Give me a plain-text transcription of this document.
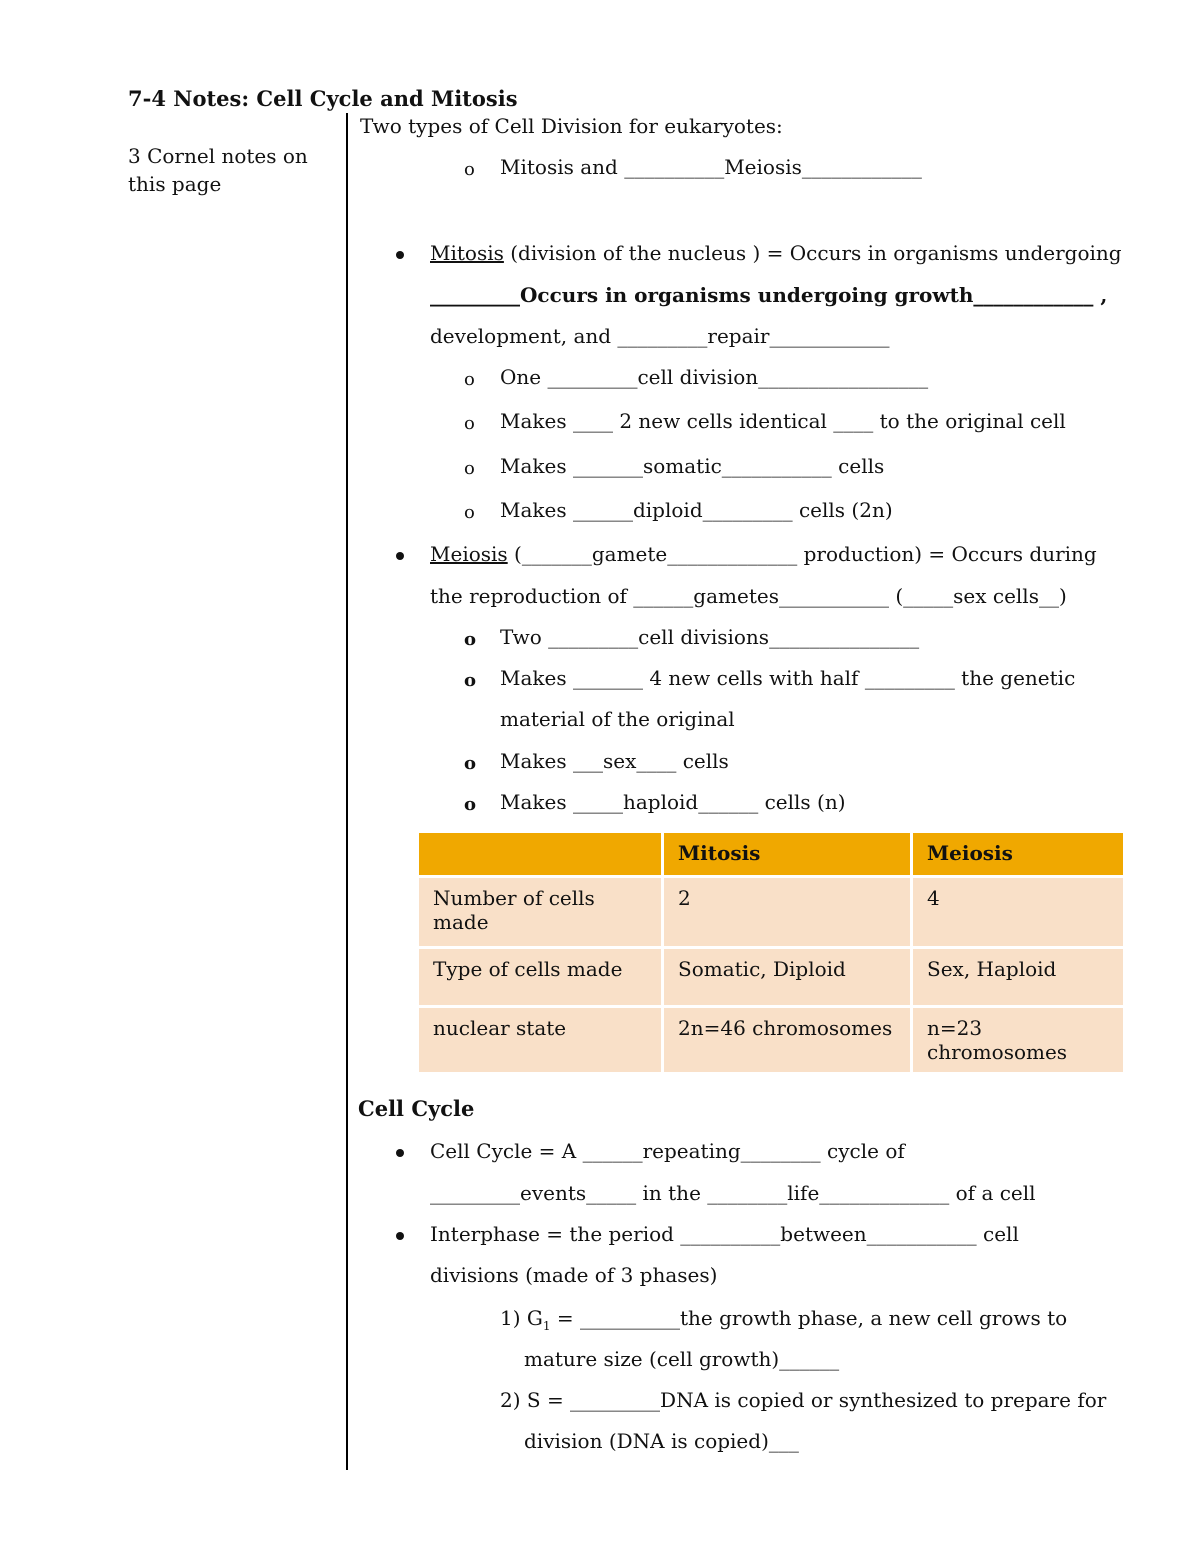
7-4 Notes: Cell Cycle and Mitosis
3 Cornel notes on this page
Two types of Cell Division for eukaryotes:
o Mitosis and __________Meiosis____________
Mitosis (division of the nucleus ) = Occurs in organisms undergoing
_________Occurs in organisms undergoing growth____________ ,
development, and _________repair____________
o One _________cell division_________________
o Makes ____ 2 new cells identical ____ to the original cell
o Makes _______somatic___________ cells
o Makes ______diploid_________ cells (2n)
Meiosis (_______gamete_____________ production) = Occurs during
the reproduction of ______gametes___________ (_____sex cells__)
o Two _________cell divisions_______________
o Makes _______ 4 new cells with half _________ the genetic
material of the original
o Makes ___sex____ cells
o Makes _____haploid______ cells (n)
	Mitosis	Meiosis
Number of cells made	2	4
Type of cells made	Somatic, Diploid	Sex, Haploid
nuclear state	2n=46 chromosomes	n=23 chromosomes
Cell Cycle
Cell Cycle = A ______repeating________ cycle of
_________events_____ in the ________life_____________ of a cell
Interphase = the period __________between___________ cell
divisions (made of 3 phases)
1) $G_1$ = __________the growth phase, a new cell grows to
mature size (cell growth)______
2) S = _________DNA is copied or synthesized to prepare for
division (DNA is copied)___
